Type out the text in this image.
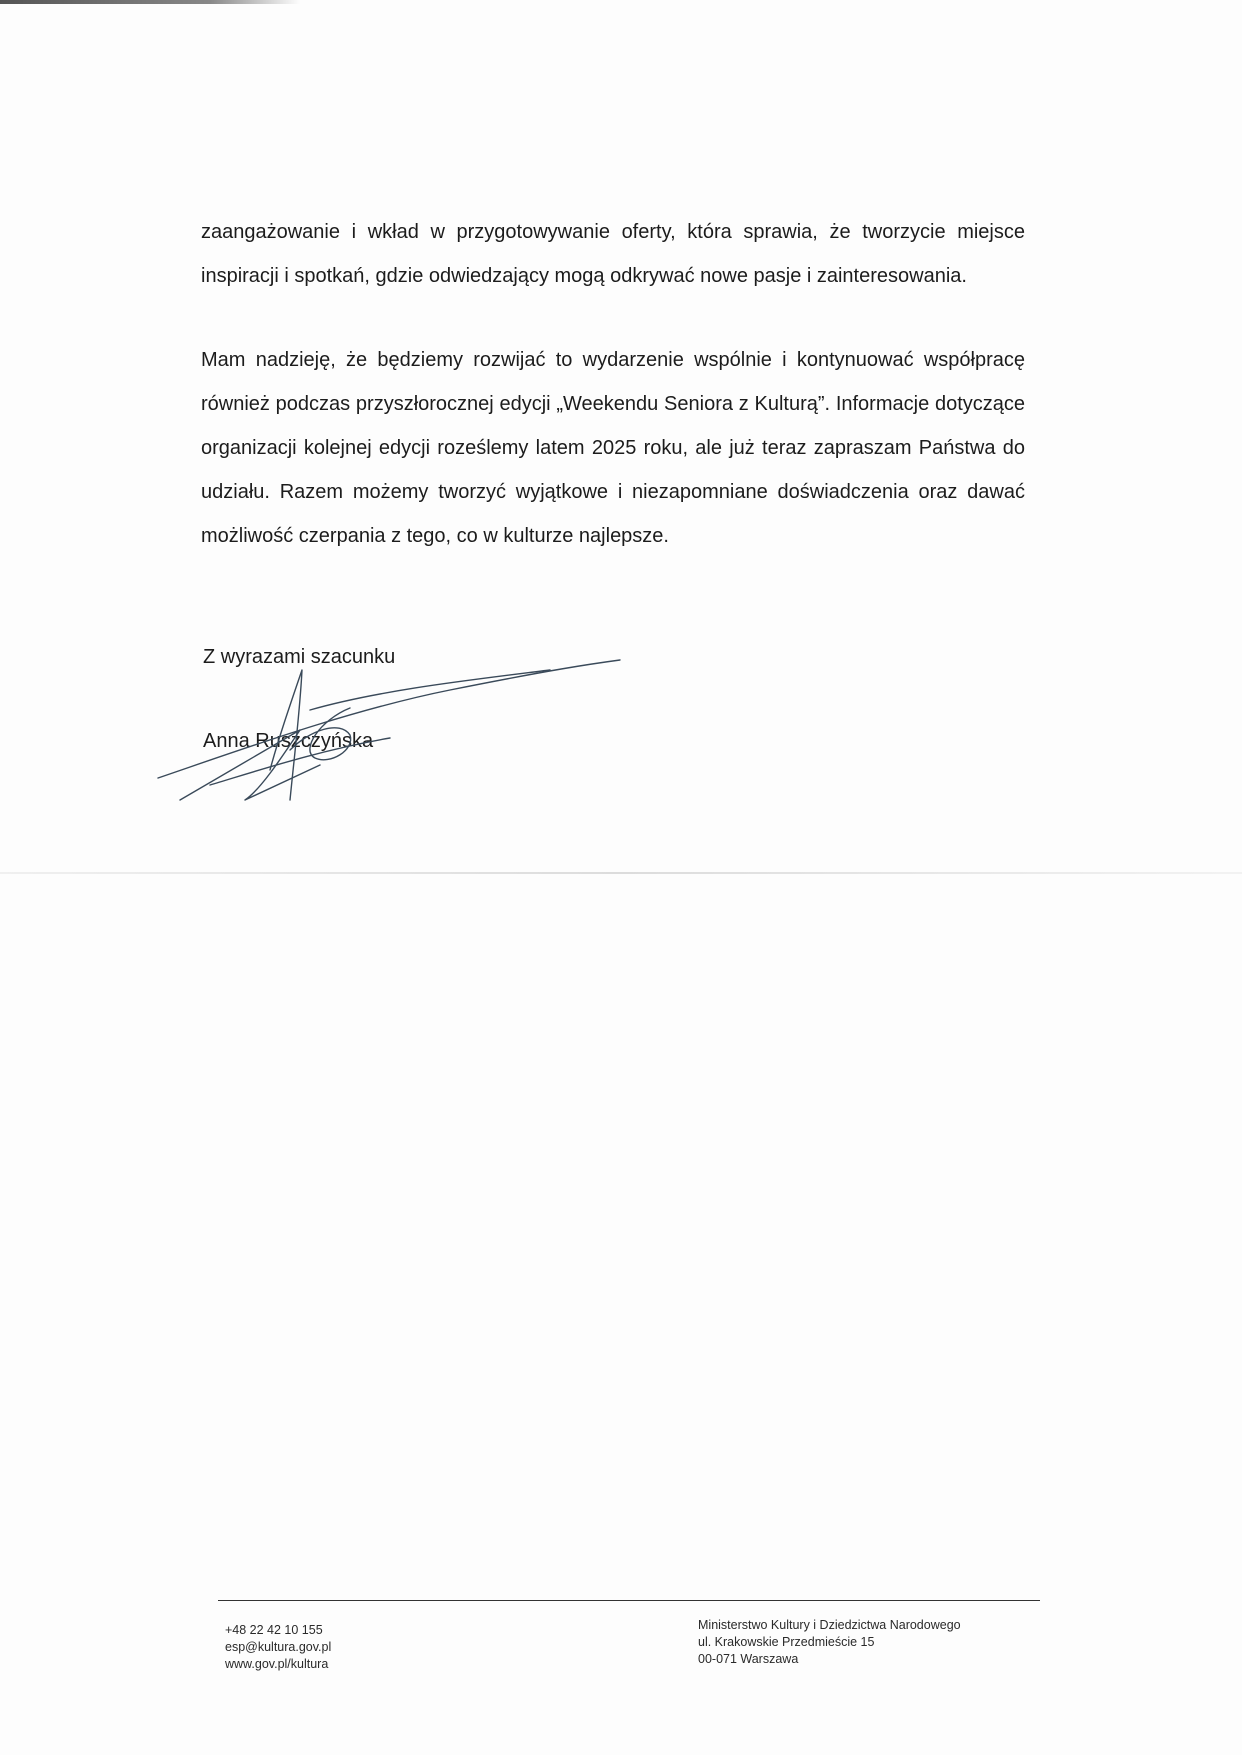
zaangażowanie i wkład w przygotowywanie oferty, która sprawia, że tworzycie miejsce inspiracji i spotkań, gdzie odwiedzający mogą odkrywać nowe pasje i zainteresowania.

Mam nadzieję, że będziemy rozwijać to wydarzenie wspólnie i kontynuować współpracę również podczas przyszłorocznej edycji „Weekendu Seniora z Kulturą”. Informacje dotyczące organizacji kolejnej edycji roześlemy latem 2025 roku, ale już teraz zapraszam Państwa do udziału. Razem możemy tworzyć wyjątkowe i niezapomniane doświadczenia oraz dawać możliwość czerpania z tego, co w kulturze najlepsze.

Z wyrazami szacunku
Anna Ruszczyńska
+48 22 42 10 155
esp@kultura.gov.pl
www.gov.pl/kultura
Ministerstwo Kultury i Dziedzictwa Narodowego
ul. Krakowskie Przedmieście 15
00-071 Warszawa
